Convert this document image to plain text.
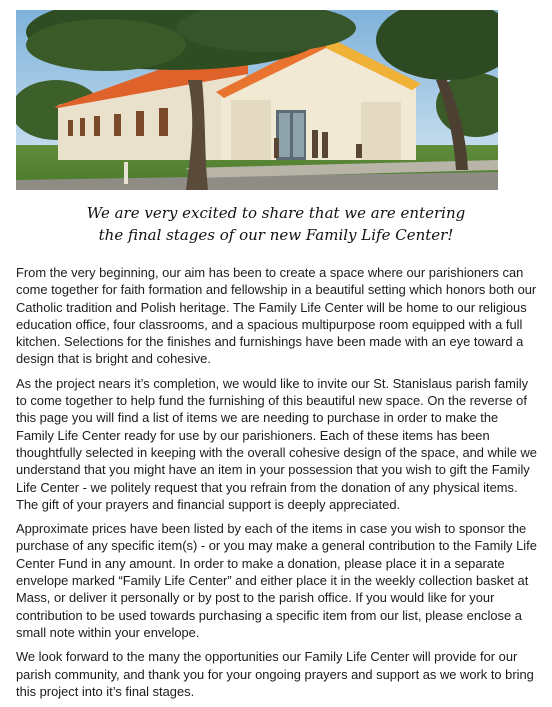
We are very excited to share that we are entering
the final stages of our new Family Life Center!

From the very beginning, our aim has been to create a space where our parishioners can come together for faith formation and fellowship in a beautiful setting which honors both our Catholic tradition and Polish heritage. The Family Life Center will be home to our religious education office, four classrooms, and a spacious multipurpose room equipped with a full kitchen. Selections for the finishes and furnishings have been made with an eye toward a design that is bright and cohesive.

As the project nears it’s completion, we would like to invite our St. Stanislaus parish family to come together to help fund the furnishing of this beautiful new space. On the reverse of this page you will find a list of items we are needing to purchase in order to make the Family Life Center ready for use by our parishioners. Each of these items has been thoughtfully selected in keeping with the overall cohesive design of the space, and while we understand that you might have an item in your possession that you wish to gift the Family Life Center - we politely request that you refrain from the donation of any physical items. The gift of your prayers and financial support is deeply appreciated.

Approximate prices have been listed by each of the items in case you wish to sponsor the purchase of any specific item(s) - or you may make a general contribution to the Family Life Center Fund in any amount. In order to make a donation, please place it in a separate envelope marked “Family Life Center” and either place it in the weekly collection basket at Mass, or deliver it personally or by post to the parish office. If you would like for your contribution to be used towards purchasing a specific item from our list, please enclose a small note within your envelope.

We look forward to the many the opportunities our Family Life Center will provide for our parish community, and thank you for your ongoing prayers and support as we work to bring this project into it’s final stages.
